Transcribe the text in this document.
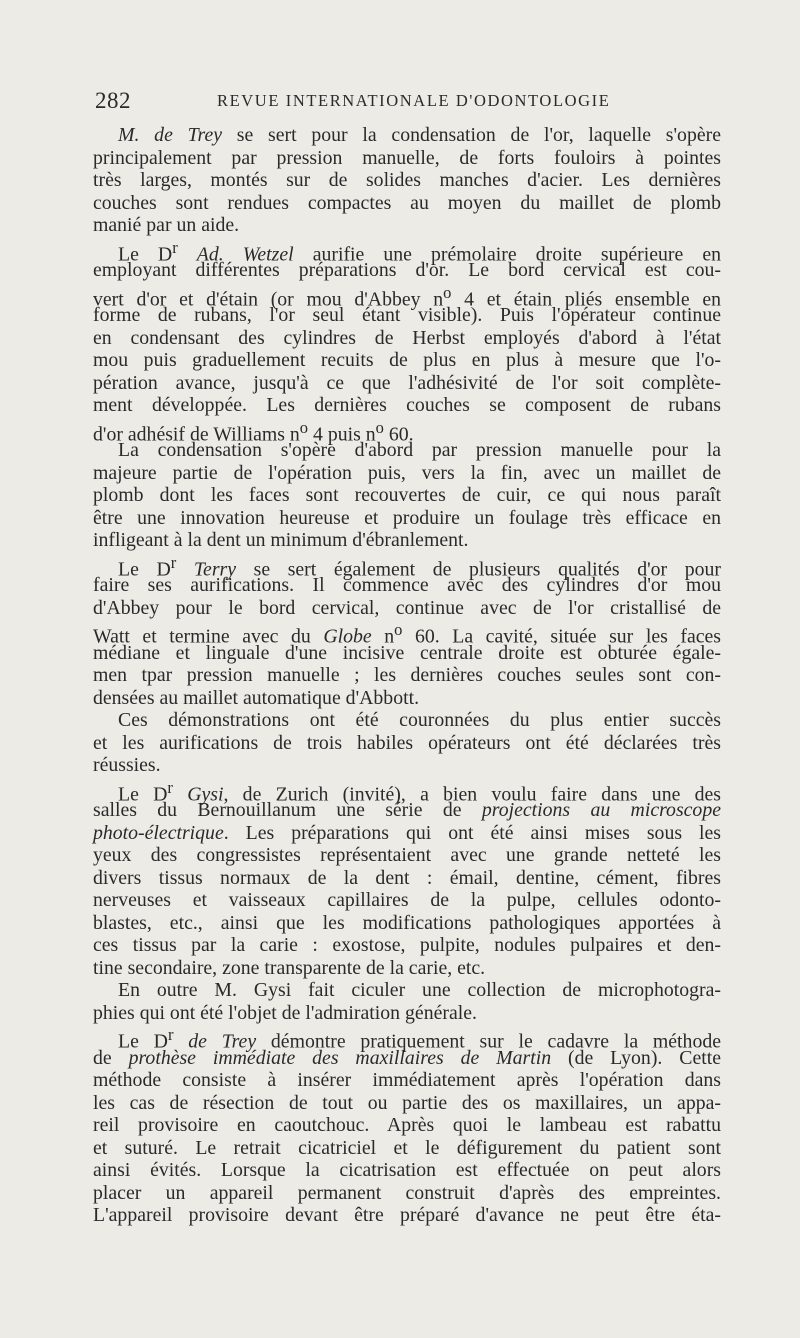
282	REVUE INTERNATIONALE D'ODONTOLOGIE
M. de Trey se sert pour la condensation de l'or, laquelle s'opère
principalement par pression manuelle, de forts fouloirs à pointes
très larges, montés sur de solides manches d'acier. Les dernières
couches sont rendues compactes au moyen du maillet de plomb
manié par un aide.
Le $D^r$ Ad. Wetzel aurifie une prémolaire droite supérieure en
employant différentes préparations d'or. Le bord cervical est cou-
vert d'or et d'étain (or mou d'Abbey $n^o$ 4 et étain pliés ensemble en
forme de rubans, l'or seul étant visible). Puis l'opérateur continue
en condensant des cylindres de Herbst employés d'abord à l'état
mou puis graduellement recuits de plus en plus à mesure que l'o-
pération avance, jusqu'à ce que l'adhésivité de l'or soit complète-
ment développée. Les dernières couches se composent de rubans
d'or adhésif de Williams $n^o$ 4 puis $n^o$ 60.
La condensation s'opère d'abord par pression manuelle pour la
majeure partie de l'opération puis, vers la fin, avec un maillet de
plomb dont les faces sont recouvertes de cuir, ce qui nous paraît
être une innovation heureuse et produire un foulage très efficace en
infligeant à la dent un minimum d'ébranlement.
Le $D^r$ Terry se sert également de plusieurs qualités d'or pour
faire ses aurifications. Il commence avec des cylindres d'or mou
d'Abbey pour le bord cervical, continue avec de l'or cristallisé de
Watt et termine avec du Globe $n^o$ 60. La cavité, située sur les faces
médiane et linguale d'une incisive centrale droite est obturée égale-
men tpar pression manuelle ; les dernières couches seules sont con-
densées au maillet automatique d'Abbott.
Ces démonstrations ont été couronnées du plus entier succès
et les aurifications de trois habiles opérateurs ont été déclarées très
réussies.
Le $D^r$ Gysi, de Zurich (invité), a bien voulu faire dans une des
salles du Bernouillanum une série de projections au microscope
photo-électrique. Les préparations qui ont été ainsi mises sous les
yeux des congressistes représentaient avec une grande netteté les
divers tissus normaux de la dent : émail, dentine, cément, fibres
nerveuses et vaisseaux capillaires de la pulpe, cellules odonto-
blastes, etc., ainsi que les modifications pathologiques apportées à
ces tissus par la carie : exostose, pulpite, nodules pulpaires et den-
tine secondaire, zone transparente de la carie, etc.
En outre M. Gysi fait ciculer une collection de microphotogra-
phies qui ont été l'objet de l'admiration générale.
Le $D^r$ de Trey démontre pratiquement sur le cadavre la méthode
de prothèse immédiate des maxillaires de Martin (de Lyon). Cette
méthode consiste à insérer immédiatement après l'opération dans
les cas de résection de tout ou partie des os maxillaires, un appa-
reil provisoire en caoutchouc. Après quoi le lambeau est rabattu
et suturé. Le retrait cicatriciel et le défigurement du patient sont
ainsi évités. Lorsque la cicatrisation est effectuée on peut alors
placer un appareil permanent construit d'après des empreintes.
L'appareil provisoire devant être préparé d'avance ne peut être éta-
